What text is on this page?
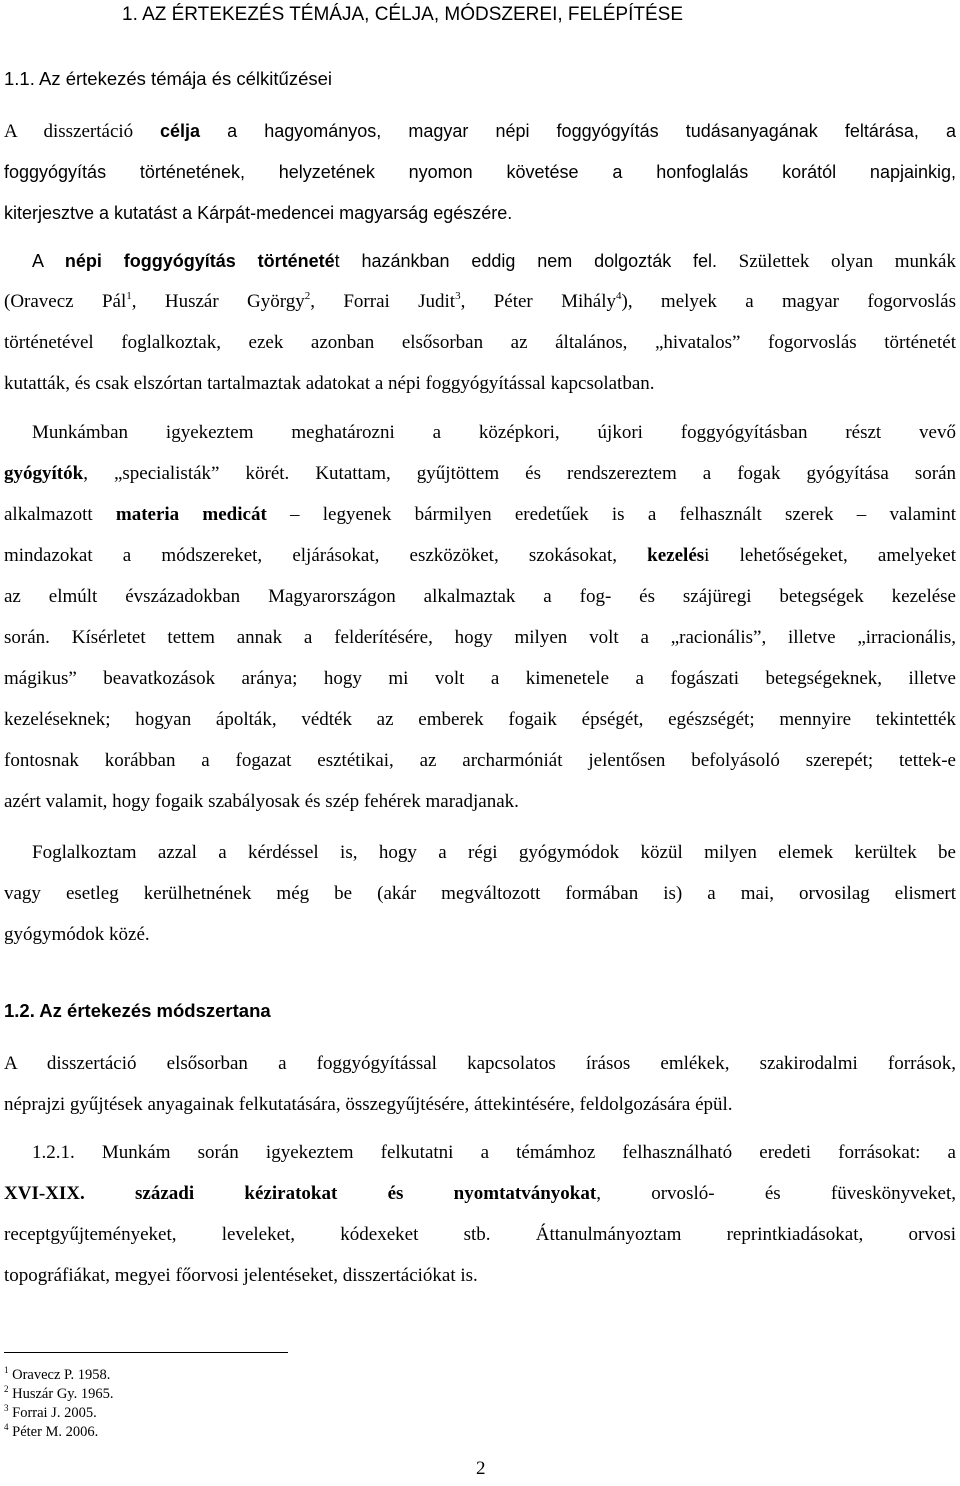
1. AZ ÉRTEKEZÉS TÉMÁJA, CÉLJA, MÓDSZEREI, FELÉPÍTÉSE
1.1. Az értekezés témája és célkitűzései
A disszertáció célja a hagyományos, magyar népi foggyógyítás tudásanyagának feltárása, a
foggyógyítás történetének, helyzetének nyomon követése a honfoglalás korától napjainkig,
kiterjesztve a kutatást a Kárpát-medencei magyarság egészére.
A népi foggyógyítás történetét hazánkban eddig nem dolgozták fel. Születtek olyan munkák
(Oravecz Pál$^1$, Huszár György$^2$, Forrai Judit$^3$, Péter Mihály$^4$), melyek a magyar fogorvoslás
történetével foglalkoztak, ezek azonban elsősorban az általános, „hivatalos” fogorvoslás történetét
kutatták, és csak elszórtan tartalmaztak adatokat a népi foggyógyítással kapcsolatban.
Munkámban igyekeztem meghatározni a középkori, újkori foggyógyításban részt vevő
gyógyítók, „specialisták” körét. Kutattam, gyűjtöttem és rendszereztem a fogak gyógyítása során
alkalmazott materia medicát – legyenek bármilyen eredetűek is a felhasznált szerek – valamint
mindazokat a módszereket, eljárásokat, eszközöket, szokásokat, kezelési lehetőségeket, amelyeket
az elmúlt évszázadokban Magyarországon alkalmaztak a fog- és szájüregi betegségek kezelése
során. Kísérletet tettem annak a felderítésére, hogy milyen volt a „racionális”, illetve „irracionális,
mágikus” beavatkozások aránya; hogy mi volt a kimenetele a fogászati betegségeknek, illetve
kezeléseknek; hogyan ápolták, védték az emberek fogaik épségét, egészségét; mennyire tekintették
fontosnak korábban a fogazat esztétikai, az archarmóniát jelentősen befolyásoló szerepét; tettek-e
azért valamit, hogy fogaik szabályosak és szép fehérek maradjanak.
Foglalkoztam azzal a kérdéssel is, hogy a régi gyógymódok közül milyen elemek kerültek be
vagy esetleg kerülhetnének még be (akár megváltozott formában is) a mai, orvosilag elismert
gyógymódok közé.
1.2. Az értekezés módszertana
A disszertáció elsősorban a foggyógyítással kapcsolatos írásos emlékek, szakirodalmi források,
néprajzi gyűjtések anyagainak felkutatására, összegyűjtésére, áttekintésére, feldolgozására épül.
1.2.1. Munkám során igyekeztem felkutatni a témámhoz felhasználható eredeti forrásokat: a
XVI-XIX. századi kéziratokat és nyomtatványokat, orvosló- és füveskönyveket,
receptgyűjteményeket, leveleket, kódexeket stb. Áttanulmányoztam reprintkiadásokat, orvosi
topográfiákat, megyei főorvosi jelentéseket, disszertációkat is.
$^1$ Oravecz P. 1958.
$^2$ Huszár Gy. 1965.
$^3$ Forrai J. 2005.
$^4$ Péter M. 2006.
2
